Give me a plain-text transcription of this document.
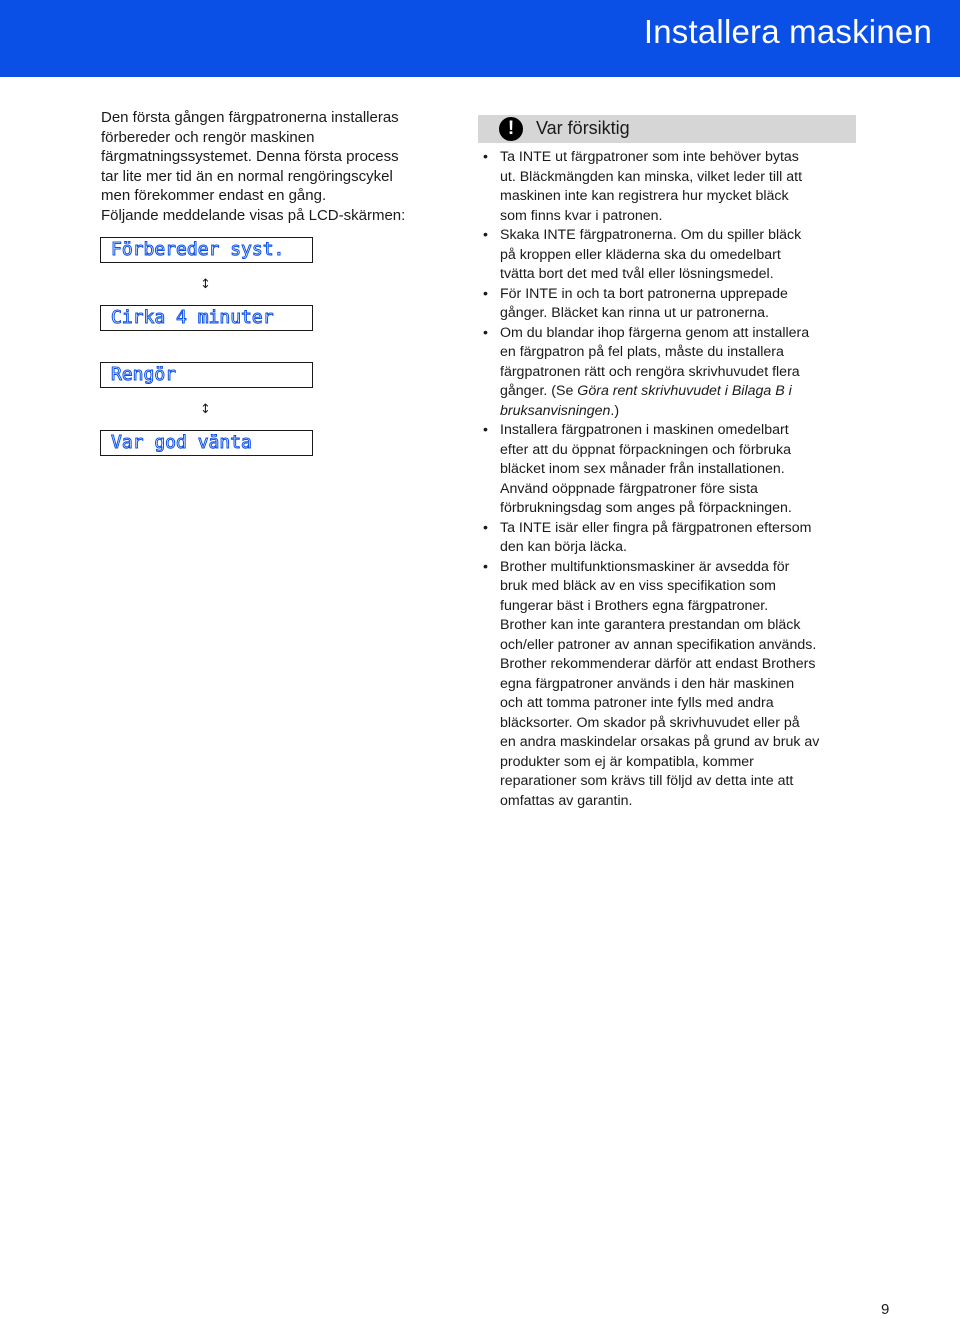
Installera maskinen

Den första gången färgpatronerna installeras

förbereder och rengör maskinen

färgmatningssystemet. Denna första process

tar lite mer tid än en normal rengöringscykel

men förekommer endast en gång.

Följande meddelande visas på LCD-skärmen:

Förbereder syst.
↕
Cirka 4 minuter
Rengör
↕
Var god vänta
!	Var försiktig
• Ta INTE ut färgpatroner som inte behöver bytas
ut. Bläckmängden kan minska, vilket leder till att
maskinen inte kan registrera hur mycket bläck
som finns kvar i patronen.
• Skaka INTE färgpatronerna. Om du spiller bläck
på kroppen eller kläderna ska du omedelbart
tvätta bort det med tvål eller lösningsmedel.
• För INTE in och ta bort patronerna upprepade
gånger. Bläcket kan rinna ut ur patronerna.
• Om du blandar ihop färgerna genom att installera
en färgpatron på fel plats, måste du installera
färgpatronen rätt och rengöra skrivhuvudet flera
gånger. (Se Göra rent skrivhuvudet i Bilaga B i
bruksanvisningen.)
• Installera färgpatronen i maskinen omedelbart
efter att du öppnat förpackningen och förbruka
bläcket inom sex månader från installationen.
Använd oöppnade färgpatroner före sista
förbrukningsdag som anges på förpackningen.
• Ta INTE isär eller fingra på färgpatronen eftersom
den kan börja läcka.
• Brother multifunktionsmaskiner är avsedda för
bruk med bläck av en viss specifikation som
fungerar bäst i Brothers egna färgpatroner.
Brother kan inte garantera prestandan om bläck
och/eller patroner av annan specifikation används.
Brother rekommenderar därför att endast Brothers
egna färgpatroner används i den här maskinen
och att tomma patroner inte fylls med andra
bläcksorter. Om skador på skrivhuvudet eller på
en andra maskindelar orsakas på grund av bruk av
produkter som ej är kompatibla, kommer
reparationer som krävs till följd av detta inte att
omfattas av garantin.
9
